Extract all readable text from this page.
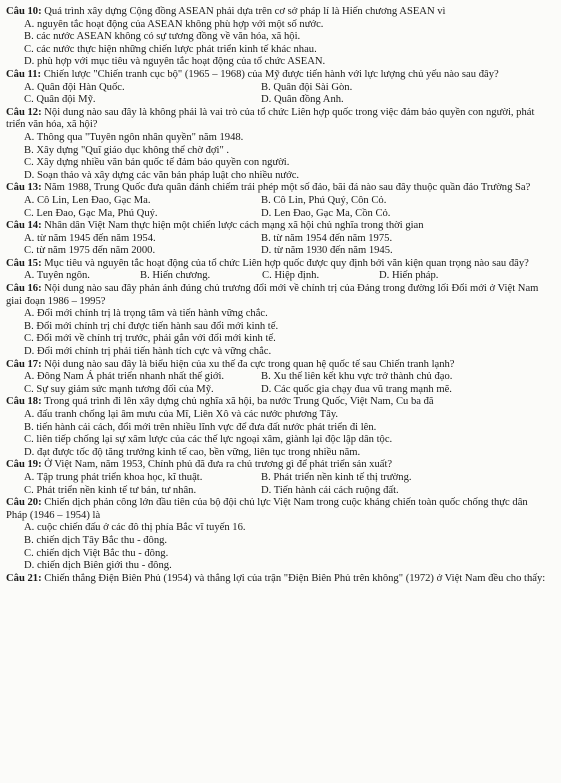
Câu 10: Quá trình xây dựng Cộng đồng ASEAN phải dựa trên cơ sở pháp lí là Hiến chương ASEAN vì
A. nguyên tắc hoạt động của ASEAN không phù hợp với một số nước.
B. các nước ASEAN không có sự tương đồng về văn hóa, xã hội.
C. các nước thực hiện những chiến lược phát triển kinh tế khác nhau.
D. phù hợp với mục tiêu và nguyên tắc hoạt động của tổ chức ASEAN.
Câu 11: Chiến lược "Chiến tranh cục bộ" (1965 – 1968) của Mỹ được tiến hành với lực lượng chủ yếu nào sau đây?
A. Quân đội Hàn Quốc.	B. Quân đội Sài Gòn.
C. Quân đội Mỹ.	D. Quân đồng Anh.
Câu 12: Nội dung nào sau đây là không phải là vai trò của tổ chức Liên hợp quốc trong việc đảm bảo quyền con người, phát triển văn hóa, xã hội?
A. Thông qua "Tuyên ngôn nhân quyền" năm 1948.
B. Xây dựng "Quĩ giáo dục không thể chờ đợi" .
C. Xây dựng nhiều văn bản quốc tế đảm bảo quyền con người.
D. Soạn thảo và xây dựng các văn bản pháp luật cho nhiều nước.
Câu 13: Năm 1988, Trung Quốc đưa quân đánh chiếm trái phép một số đảo, bãi đá nào sau đây thuộc quần đảo Trường Sa?
A. Cô Lin, Len Đao, Gạc Ma.	B. Cô Lin, Phú Quý, Côn Cỏ.
C. Len Đao, Gạc Ma, Phú Quý.	D. Len Đao, Gạc Ma, Cồn Cỏ.
Câu 14: Nhân dân Việt Nam thực hiện một chiến lược cách mạng xã hội chủ nghĩa trong thời gian
A. từ năm 1945 đến năm 1954.	B. từ năm 1954 đến năm 1975.
C. từ năm 1975 đến năm 2000.	D. từ năm 1930 đến năm 1945.
Câu 15: Mục tiêu và nguyên tắc hoạt động của tổ chức Liên hợp quốc được quy định bởi văn kiện quan trọng nào sau đây?
A. Tuyên ngôn.	B. Hiến chương.	C. Hiệp định.	D. Hiến pháp.
Câu 16: Nội dung nào sau đây phản ánh đúng chủ trương đổi mới về chính trị của Đảng trong đường lối Đổi mới ở Việt Nam giai đoạn 1986 – 1995?
A. Đổi mới chính trị là trọng tâm và tiến hành vững chắc.
B. Đổi mới chính trị chỉ được tiến hành sau đổi mới kinh tế.
C. Đổi mới về chính trị trước, phải gắn với đổi mới kinh tế.
D. Đổi mới chính trị phải tiến hành tích cực và vững chắc.
Câu 17: Nội dung nào sau đây là biểu hiện của xu thế đa cực trong quan hệ quốc tế sau Chiến tranh lạnh?
A. Đông Nam Á phát triển nhanh nhất thế giới.	B. Xu thế liên kết khu vực trở thành chủ đạo.
C. Sự suy giảm sức mạnh tương đối của Mỹ.	D. Các quốc gia chạy đua vũ trang mạnh mẽ.
Câu 18: Trong quá trình đi lên xây dựng chủ nghĩa xã hội, ba nước Trung Quốc, Việt Nam, Cu ba đã
A. đấu tranh chống lại âm mưu của Mĩ, Liên Xô và các nước phương Tây.
B. tiến hành cải cách, đổi mới trên nhiều lĩnh vực để đưa đất nước phát triển đi lên.
C. liên tiếp chống lại sự xâm lược của các thế lực ngoại xâm, giành lại độc lập dân tộc.
D. đạt được tốc độ tăng trưởng kinh tế cao, bền vững, liên tục trong nhiều năm.
Câu 19: Ở Việt Nam, năm 1953, Chính phủ đã đưa ra chủ trương gì để phát triển sản xuất?
A. Tập trung phát triển khoa học, kĩ thuật.	B. Phát triển nền kinh tế thị trường.
C. Phát triển nền kinh tế tư bản, tư nhân.	D. Tiến hành cải cách ruộng đất.
Câu 20: Chiến dịch phản công lớn đầu tiên của bộ đội chủ lực Việt Nam trong cuộc kháng chiến toàn quốc chống thực dân Pháp (1946 – 1954) là
A. cuộc chiến đấu ở các đô thị phía Bắc vĩ tuyến 16.
B. chiến dịch Tây Bắc thu - đông.
C. chiến dịch Việt Bắc thu - đông.
D. chiến dịch Biên giới thu - đông.
Câu 21: Chiến thắng Điện Biên Phủ (1954) và thắng lợi của trận "Điện Biên Phủ trên không" (1972) ở Việt Nam đều cho thấy:
